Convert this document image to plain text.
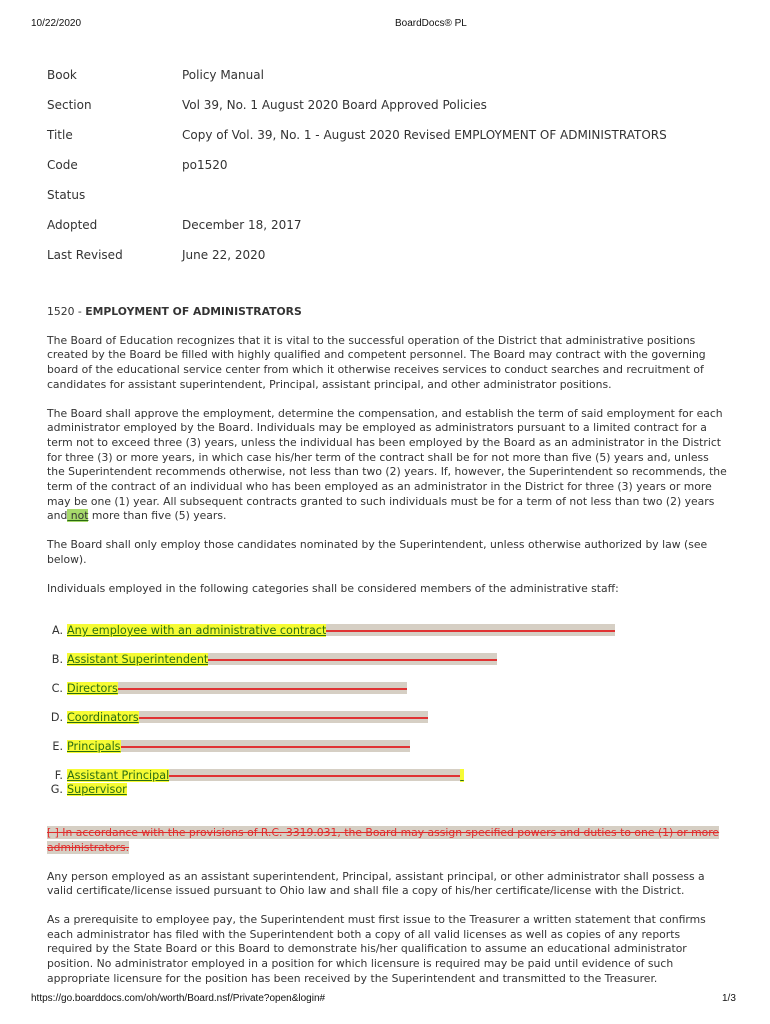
10/22/2020	BoardDocs® PL
Book	Policy Manual
Section	Vol 39, No. 1 August 2020 Board Approved Policies
Title	Copy of Vol. 39, No. 1 - August 2020 Revised EMPLOYMENT OF ADMINISTRATORS
Code	po1520
Status
Adopted	December 18, 2017
Last Revised	June 22, 2020
1520 - EMPLOYMENT OF ADMINISTRATORS

The Board of Education recognizes that it is vital to the successful operation of the District that administrative positions created by the Board be filled with highly qualified and competent personnel. The Board may contract with the governing board of the educational service center from which it otherwise receives services to conduct searches and recruitment of candidates for assistant superintendent, Principal, assistant principal, and other administrator positions.

The Board shall approve the employment, determine the compensation, and establish the term of said employment for each administrator employed by the Board. Individuals may be employed as administrators pursuant to a limited contract for a term not to exceed three (3) years, unless the individual has been employed by the Board as an administrator in the District for three (3) or more years, in which case his/her term of the contract shall be for not more than five (5) years and, unless the Superintendent recommends otherwise, not less than two (2) years. If, however, the Superintendent so recommends, the term of the contract of an individual who has been employed as an administrator in the District for three (3) years or more may be one (1) year. All subsequent contracts granted to such individuals must be for a term of not less than two (2) years and not more than five (5) years.

The Board shall only employ those candidates nominated by the Superintendent, unless otherwise authorized by law (see below).

Individuals employed in the following categories shall be considered members of the administrative staff:

A. Any employee with an administrative contract
B. Assistant Superintendent
C. Directors
D. Coordinators
E. Principals
F. Assistant Principal
G. Supervisor

[ ] In accordance with the provisions of R.C. 3319.031, the Board may assign specified powers and duties to one (1) or more administrators.

Any person employed as an assistant superintendent, Principal, assistant principal, or other administrator shall possess a valid certificate/license issued pursuant to Ohio law and shall file a copy of his/her certificate/license with the District.

As a prerequisite to employee pay, the Superintendent must first issue to the Treasurer a written statement that confirms each administrator has filed with the Superintendent both a copy of all valid licenses as well as copies of any reports required by the State Board or this Board to demonstrate his/her qualification to assume an educational administrator position. No administrator employed in a position for which licensure is required may be paid until evidence of such appropriate licensure for the position has been received by the Superintendent and transmitted to the Treasurer.

https://go.boarddocs.com/oh/worth/Board.nsf/Private?open&login#	1/3
